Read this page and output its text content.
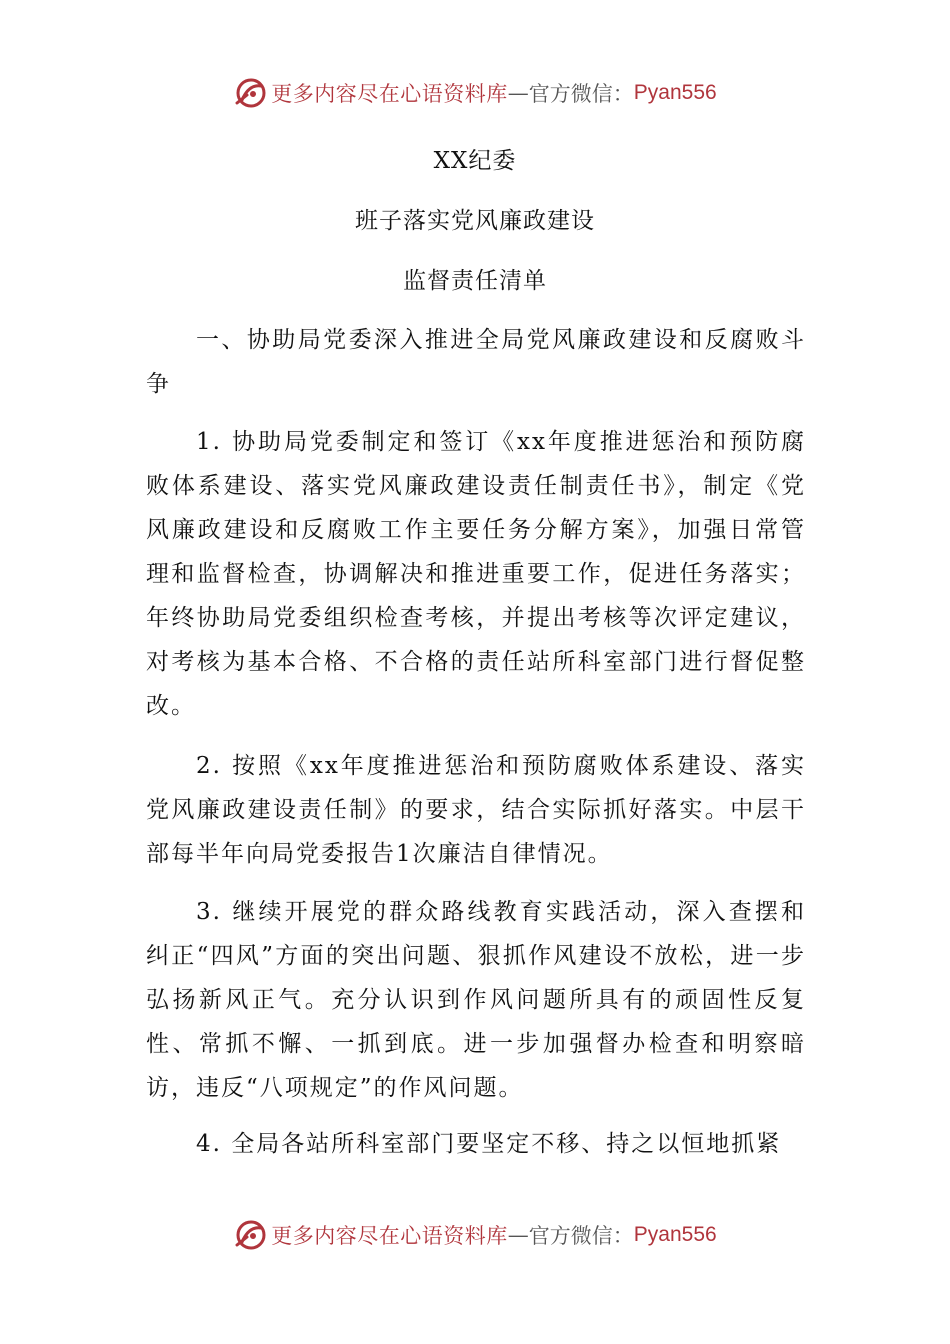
更多内容尽在心语资料库 — 官方微信： Pyan556
XX纪委
班子落实党风廉政建设
监督责任清单

一、协助局党委深入推进全局党风廉政建设和反腐败斗争

1. 协助局党委制定和签订《xx年度推进惩治和预防腐败体系建设、落实党风廉政建设责任制责任书》，制定《党风廉政建设和反腐败工作主要任务分解方案》，加强日常管理和监督检查，协调解决和推进重要工作，促进任务落实；年终协助局党委组织检查考核，并提出考核等次评定建议，对考核为基本合格、不合格的责任站所科室部门进行督促整改。

2. 按照《xx年度推进惩治和预防腐败体系建设、落实党风廉政建设责任制》的要求，结合实际抓好落实。中层干部每半年向局党委报告1次廉洁自律情况。

3. 继续开展党的群众路线教育实践活动，深入查摆和纠正“四风”方面的突出问题、狠抓作风建设不放松，进一步弘扬新风正气。充分认识到作风问题所具有的顽固性反复性、常抓不懈、一抓到底。进一步加强督办检查和明察暗访，违反“八项规定”的作风问题。

4. 全局各站所科室部门要坚定不移、持之以恒地抓紧

更多内容尽在心语资料库 — 官方微信： Pyan556
